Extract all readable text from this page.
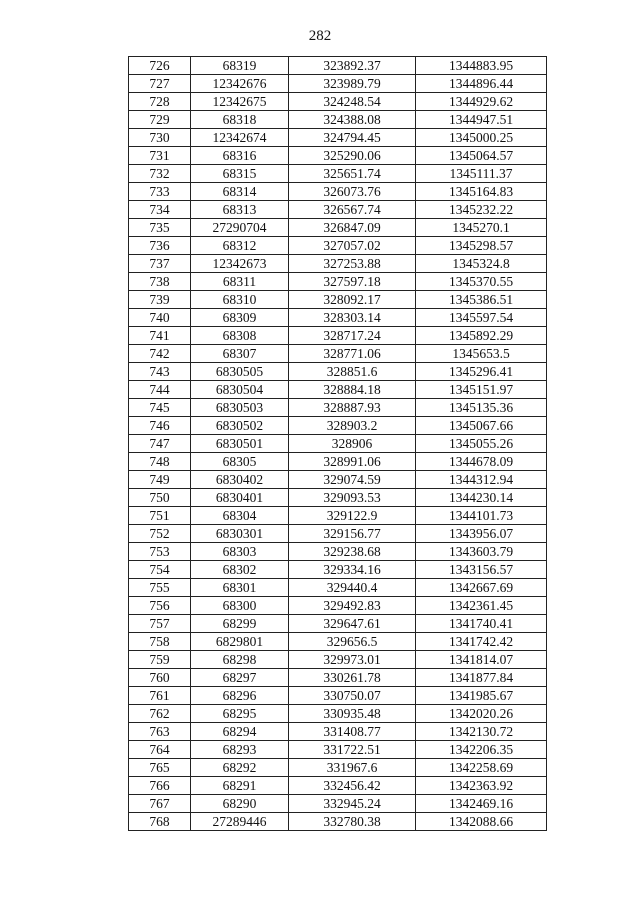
282
726	68319	323892.37	1344883.95
727	12342676	323989.79	1344896.44
728	12342675	324248.54	1344929.62
729	68318	324388.08	1344947.51
730	12342674	324794.45	1345000.25
731	68316	325290.06	1345064.57
732	68315	325651.74	1345111.37
733	68314	326073.76	1345164.83
734	68313	326567.74	1345232.22
735	27290704	326847.09	1345270.1
736	68312	327057.02	1345298.57
737	12342673	327253.88	1345324.8
738	68311	327597.18	1345370.55
739	68310	328092.17	1345386.51
740	68309	328303.14	1345597.54
741	68308	328717.24	1345892.29
742	68307	328771.06	1345653.5
743	6830505	328851.6	1345296.41
744	6830504	328884.18	1345151.97
745	6830503	328887.93	1345135.36
746	6830502	328903.2	1345067.66
747	6830501	328906	1345055.26
748	68305	328991.06	1344678.09
749	6830402	329074.59	1344312.94
750	6830401	329093.53	1344230.14
751	68304	329122.9	1344101.73
752	6830301	329156.77	1343956.07
753	68303	329238.68	1343603.79
754	68302	329334.16	1343156.57
755	68301	329440.4	1342667.69
756	68300	329492.83	1342361.45
757	68299	329647.61	1341740.41
758	6829801	329656.5	1341742.42
759	68298	329973.01	1341814.07
760	68297	330261.78	1341877.84
761	68296	330750.07	1341985.67
762	68295	330935.48	1342020.26
763	68294	331408.77	1342130.72
764	68293	331722.51	1342206.35
765	68292	331967.6	1342258.69
766	68291	332456.42	1342363.92
767	68290	332945.24	1342469.16
768	27289446	332780.38	1342088.66
